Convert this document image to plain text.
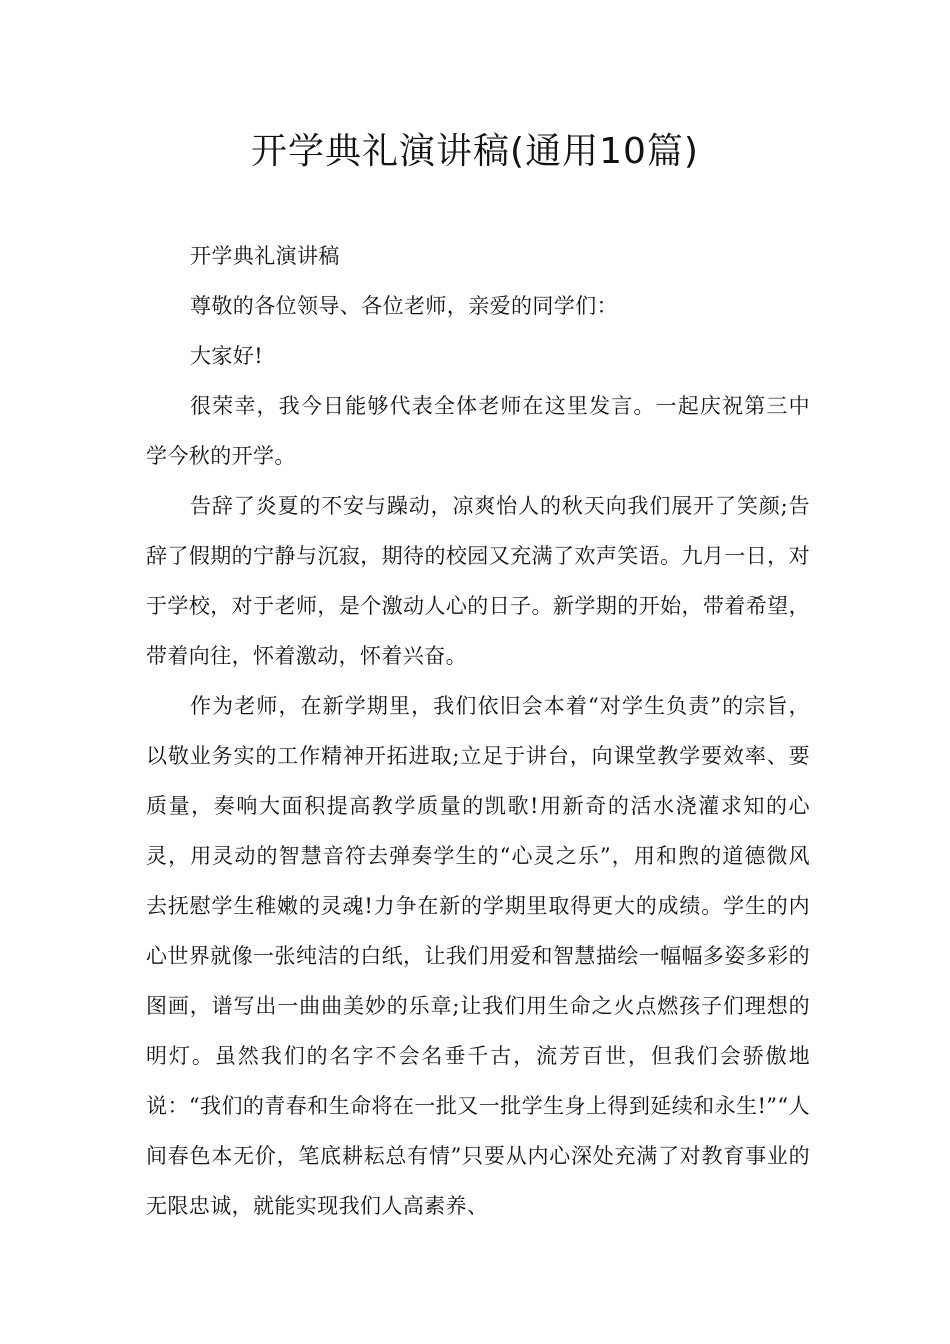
开学典礼演讲稿(通用10篇)

开学典礼演讲稿

尊敬的各位领导、各位老师，亲爱的同学们：

大家好!

很荣幸，我今日能够代表全体老师在这里发言。一起庆祝第三中学今秋的开学。

告辞了炎夏的不安与躁动，凉爽怡人的秋天向我们展开了笑颜;告辞了假期的宁静与沉寂，期待的校园又充满了欢声笑语。九月一日，对于学校，对于老师，是个激动人心的日子。新学期的开始，带着希望，带着向往，怀着激动，怀着兴奋。

作为老师，在新学期里，我们依旧会本着“对学生负责”的宗旨，以敬业务实的工作精神开拓进取;立足于讲台，向课堂教学要效率、要质量，奏响大面积提高教学质量的凯歌!用新奇的活水浇灌求知的心灵，用灵动的智慧音符去弹奏学生的“心灵之乐”，用和煦的道德微风去抚慰学生稚嫩的灵魂!力争在新的学期里取得更大的成绩。学生的内心世界就像一张纯洁的白纸，让我们用爱和智慧描绘一幅幅多姿多彩的图画，谱写出一曲曲美妙的乐章;让我们用生命之火点燃孩子们理想的明灯。虽然我们的名字不会名垂千古，流芳百世，但我们会骄傲地说：“我们的青春和生命将在一批又一批学生身上得到延续和永生!”“人间春色本无价，笔底耕耘总有情”只要从内心深处充满了对教育事业的无限忠诚，就能实现我们人高素养、
